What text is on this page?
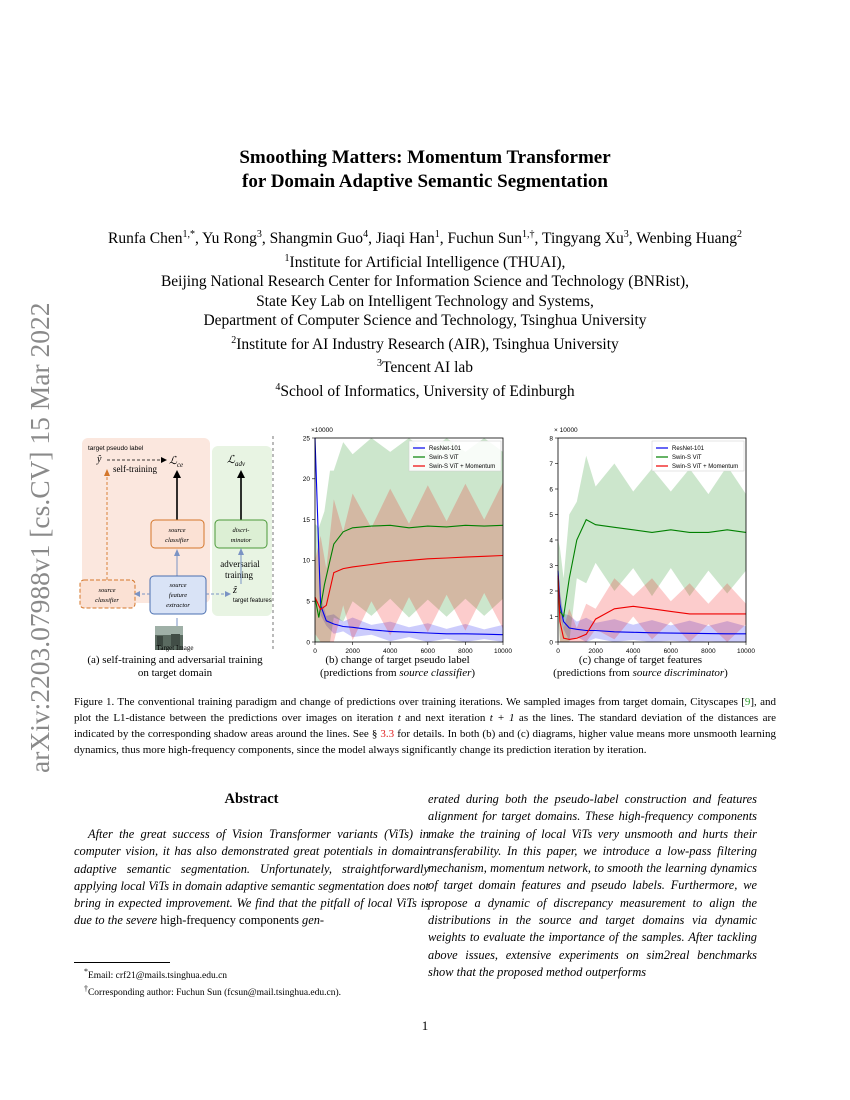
arXiv:2203.07988v1 [cs.CV] 15 Mar 2022
Smoothing Matters: Momentum Transformer
for Domain Adaptive Semantic Segmentation
Runfa Chen$^{1,*}$, Yu Rong$^3$, Shangmin Guo$^4$, Jiaqi Han$^1$, Fuchun Sun$^{1,\dagger}$, Tingyang Xu$^3$, Wenbing Huang$^2$
$^1$Institute for Artificial Intelligence (THUAI),
Beijing National Research Center for Information Science and Technology (BNRist),
State Key Lab on Intelligent Technology and Systems,
Department of Computer Science and Technology, Tsinghua University
$^2$Institute for AI Industry Research (AIR), Tsinghua University
$^3$Tencent AI lab
$^4$School of Informatics, University of Edinburgh
target pseudo label
ŷ	ℒ$_{ce}$
self-training
ℒ$_{adv}$
source
classifier
discri-
minator
adversarial
training
source
feature
extractor
source
classifier
ẑ
target features
Target Image
×10000
0	2000	4000	6000	8000	10000
0
5
10
15
20
25
ResNet-101
Swin-S ViT
Swin-S ViT + Momentum
× 10000
0	2000	4000	6000	8000	10000
0
1
2
3
4
5
6
7
8
ResNet-101
Swin-S ViT
Swin-S ViT + Momentum
(a) self-training and adversarial training
on target domain
(b) change of target pseudo label
(predictions from source classifier)
(c) change of target features
(predictions from source discriminator)
Figure 1. The conventional training paradigm and change of predictions over training iterations. We sampled images from target domain, Cityscapes [9], and plot the L1-distance between the predictions over images on iteration t and next iteration t + 1 as the lines. The standard deviation of the distances are indicated by the corresponding shadow areas around the lines. See § 3.3 for details. In both (b) and (c) diagrams, higher value means more unsmooth learning dynamics, thus more high-frequency components, since the model always significantly change its prediction iteration by iteration.
Abstract
After the great success of Vision Transformer variants (ViTs) in computer vision, it has also demonstrated great potentials in domain adaptive semantic segmentation. Unfortunately, straightforwardly applying local ViTs in domain adaptive semantic segmentation does not bring in expected improvement. We find that the pitfall of local ViTs is due to the severe high-frequency components gen-
erated during both the pseudo-label construction and features alignment for target domains. These high-frequency components make the training of local ViTs very unsmooth and hurts their transferability. In this paper, we introduce a low-pass filtering mechanism, momentum network, to smooth the learning dynamics of target domain features and pseudo labels. Furthermore, we propose a dynamic of discrepancy measurement to align the distributions in the source and target domains via dynamic weights to evaluate the importance of the samples. After tackling above issues, extensive experiments on sim2real benchmarks show that the proposed method outperforms
*Email: crf21@mails.tsinghua.edu.cn
†Corresponding author: Fuchun Sun (fcsun@mail.tsinghua.edu.cn).
1
